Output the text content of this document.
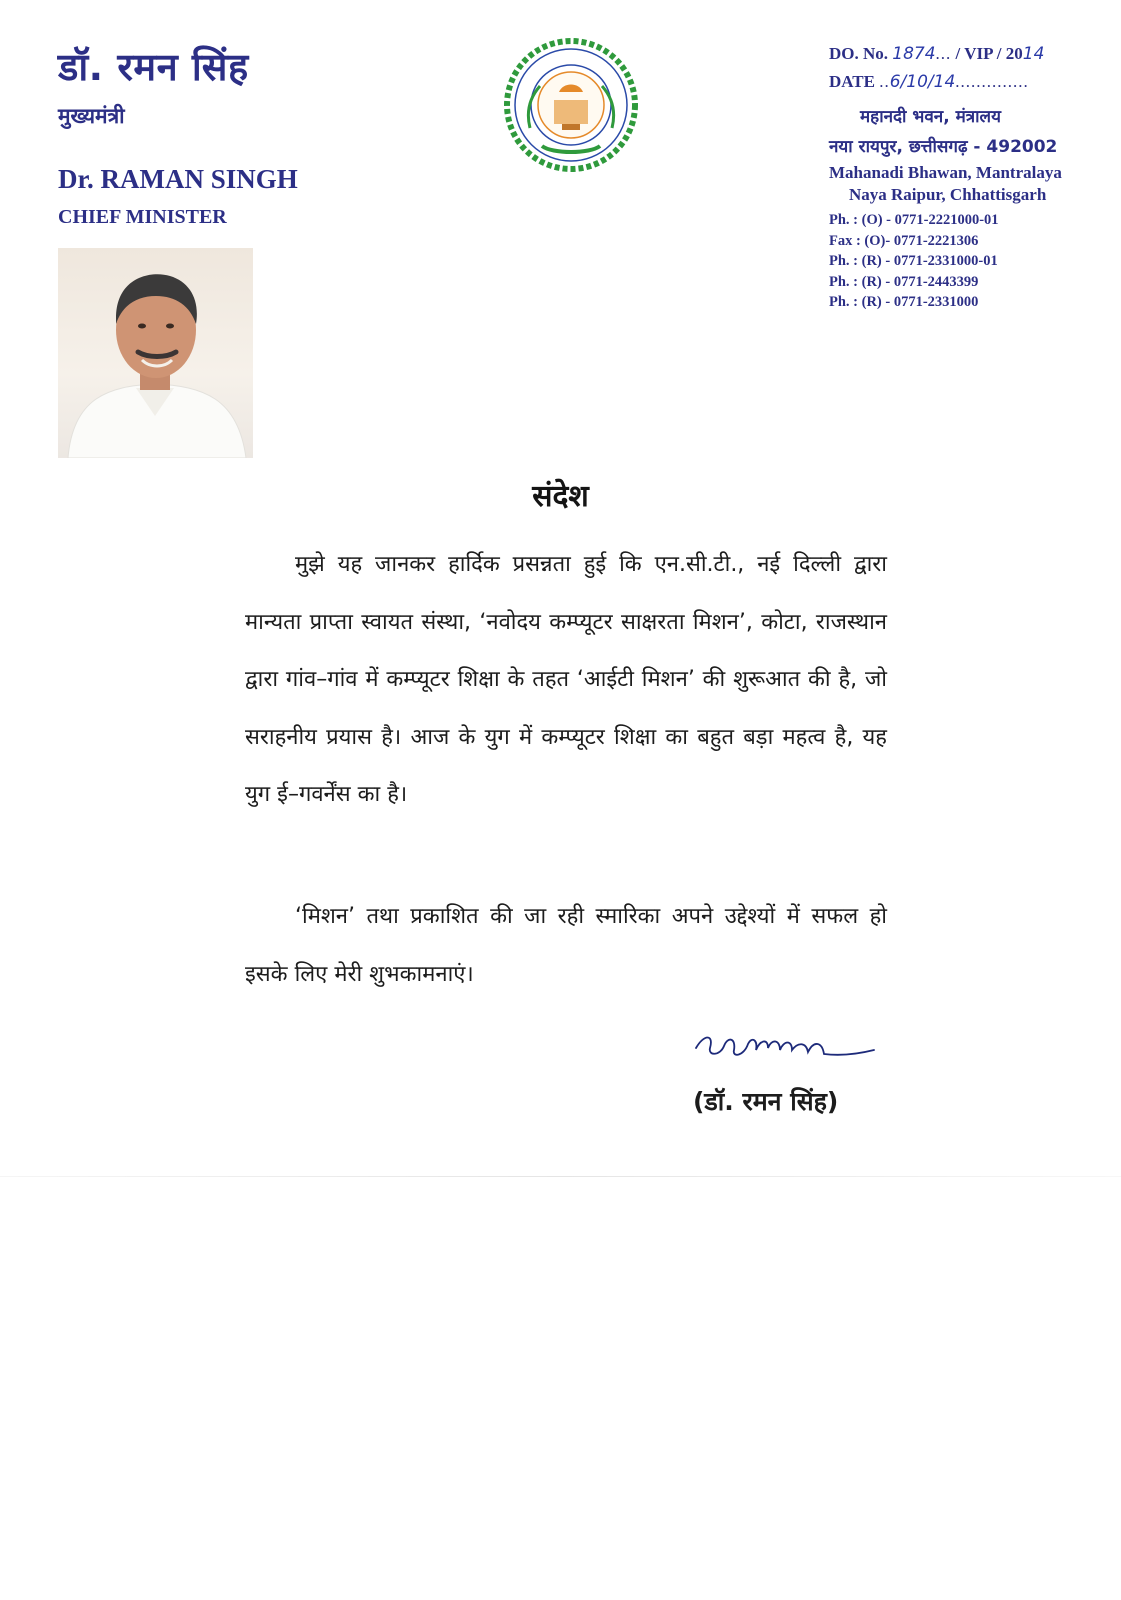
डॉ. रमन सिंह
मुख्यमंत्री
Dr. RAMAN SINGH
CHIEF MINISTER
DO. No. 1874... / VIP / 2014
DATE ..6/10/14..............
महानदी भवन, मंत्रालय
नया रायपुर, छत्तीसगढ़ - 492002
Mahanadi Bhawan, Mantralaya
Naya Raipur, Chhattisgarh
Ph. : (O) - 0771-2221000-01
Fax : (O)- 0771-2221306
Ph. : (R) - 0771-2331000-01
Ph. : (R) - 0771-2443399
Ph. : (R) - 0771-2331000
संदेश
मुझे यह जानकर हार्दिक प्रसन्नता हुई कि एन.सी.टी., नई दिल्ली द्वारा मान्यता प्राप्ता स्वायत संस्था, ‘नवोदय कम्प्यूटर साक्षरता मिशन’, कोटा, राजस्थान द्वारा गांव–गांव में कम्प्यूटर शिक्षा के तहत ‘आईटी मिशन’ की शुरूआत की है, जो सराहनीय प्रयास है। आज के युग में कम्प्यूटर शिक्षा का बहुत बड़ा महत्व है, यह युग ई–गवर्नेंस का है।
‘मिशन’ तथा प्रकाशित की जा रही स्मारिका अपने उद्देश्यों में सफल हो इसके लिए मेरी शुभकामनाएं।
(डॉ. रमन सिंह)
